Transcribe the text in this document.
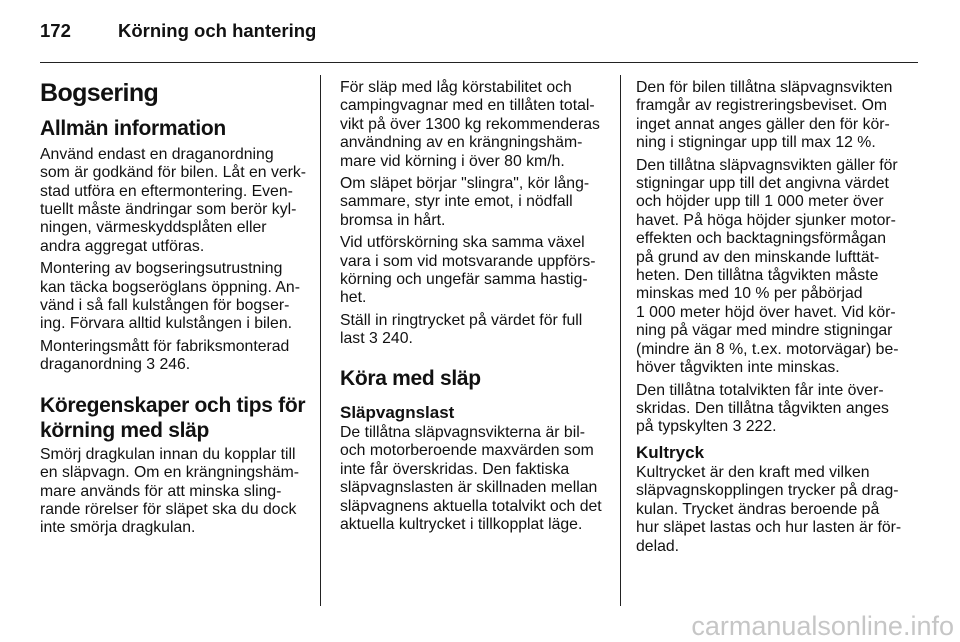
172	Körning och hantering
Bogsering
Allmän information

Använd endast en draganordning
som är godkänd för bilen. Låt en verk-
stad utföra en eftermontering. Even-
tuellt måste ändringar som berör kyl-
ningen, värmeskyddsplåten eller
andra aggregat utföras.

Montering av bogseringsutrustning
kan täcka bogseröglans öppning. An-
vänd i så fall kulstången för bogser-
ing. Förvara alltid kulstången i bilen.

Monteringsmått för fabriksmonterad
draganordning 3 246.

Köregenskaper och tips för
körning med släp

Smörj dragkulan innan du kopplar till
en släpvagn. Om en krängningshäm-
mare används för att minska sling-
rande rörelser för släpet ska du dock
inte smörja dragkulan.

För släp med låg körstabilitet och
campingvagnar med en tillåten total-
vikt på över 1300 kg rekommenderas
användning av en krängningshäm-
mare vid körning i över 80 km/h.

Om släpet börjar "slingra", kör lång-
sammare, styr inte emot, i nödfall
bromsa in hårt.

Vid utförskörning ska samma växel
vara i som vid motsvarande uppförs-
körning och ungefär samma hastig-
het.

Ställ in ringtrycket på värdet för full
last 3 240.

Köra med släp
Släpvagnslast

De tillåtna släpvagnsvikterna är bil-
och motorberoende maxvärden som
inte får överskridas. Den faktiska
släpvagnslasten är skillnaden mellan
släpvagnens aktuella totalvikt och det
aktuella kultrycket i tillkopplat läge.

Den för bilen tillåtna släpvagnsvikten
framgår av registreringsbeviset. Om
inget annat anges gäller den för kör-
ning i stigningar upp till max 12 %.

Den tillåtna släpvagnsvikten gäller för
stigningar upp till det angivna värdet
och höjder upp till 1 000 meter över
havet. På höga höjder sjunker motor-
effekten och backtagningsförmågan
på grund av den minskande lufttät-
heten. Den tillåtna tågvikten måste
minskas med 10 % per påbörjad
1 000 meter höjd över havet. Vid kör-
ning på vägar med mindre stigningar
(mindre än 8 %, t.ex. motorvägar) be-
höver tågvikten inte minskas.

Den tillåtna totalvikten får inte över-
skridas. Den tillåtna tågvikten anges
på typskylten 3 222.

Kultryck

Kultrycket är den kraft med vilken
släpvagnskopplingen trycker på drag-
kulan. Trycket ändras beroende på
hur släpet lastas och hur lasten är för-
delad.

carmanualsonline.info
